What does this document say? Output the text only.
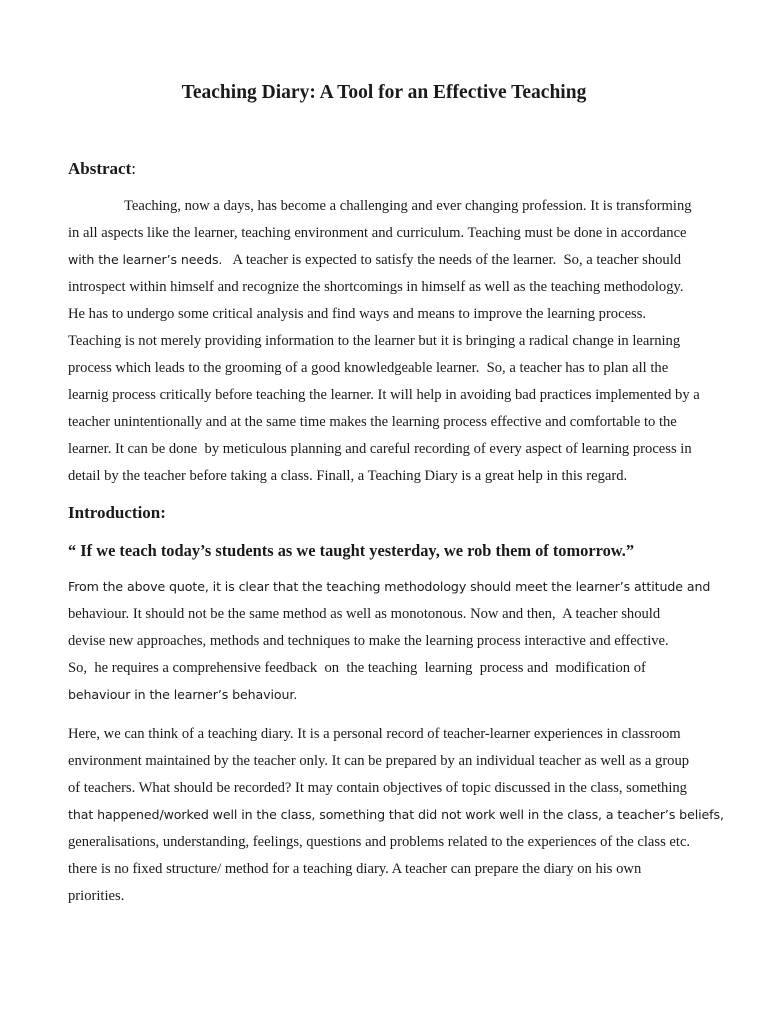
Teaching Diary: A Tool for an Effective Teaching
Abstract:

Teaching, now a days, has become a challenging and ever changing profession. It is transforming

in all aspects like the learner, teaching environment and curriculum. Teaching must be done in accordance

with the learner’s needs.   A teacher is expected to satisfy the needs of the learner.  So, a teacher should

introspect within himself and recognize the shortcomings in himself as well as the teaching methodology.

He has to undergo some critical analysis and find ways and means to improve the learning process.

Teaching is not merely providing information to the learner but it is bringing a radical change in learning

process which leads to the grooming of a good knowledgeable learner.  So, a teacher has to plan all the

learnig process critically before teaching the learner. It will help in avoiding bad practices implemented by a

teacher unintentionally and at the same time makes the learning process effective and comfortable to the

learner. It can be done  by meticulous planning and careful recording of every aspect of learning process in

detail by the teacher before taking a class. Finall, a Teaching Diary is a great help in this regard.

Introduction:

“ If we teach today’s students as we taught yesterday, we rob them of tomorrow.”

From the above quote, it is clear that the teaching methodology should meet the learner’s attitude and

behaviour. It should not be the same method as well as monotonous. Now and then,  A teacher should

devise new approaches, methods and techniques to make the learning process interactive and effective.

So,  he requires a comprehensive feedback  on  the teaching  learning  process and  modification of

behaviour in the learner’s behaviour.

Here, we can think of a teaching diary. It is a personal record of teacher-learner experiences in classroom

environment maintained by the teacher only. It can be prepared by an individual teacher as well as a group

of teachers. What should be recorded? It may contain objectives of topic discussed in the class, something

that happened/worked well in the class, something that did not work well in the class, a teacher’s beliefs,

generalisations, understanding, feelings, questions and problems related to the experiences of the class etc.

there is no fixed structure/ method for a teaching diary. A teacher can prepare the diary on his own

priorities.
